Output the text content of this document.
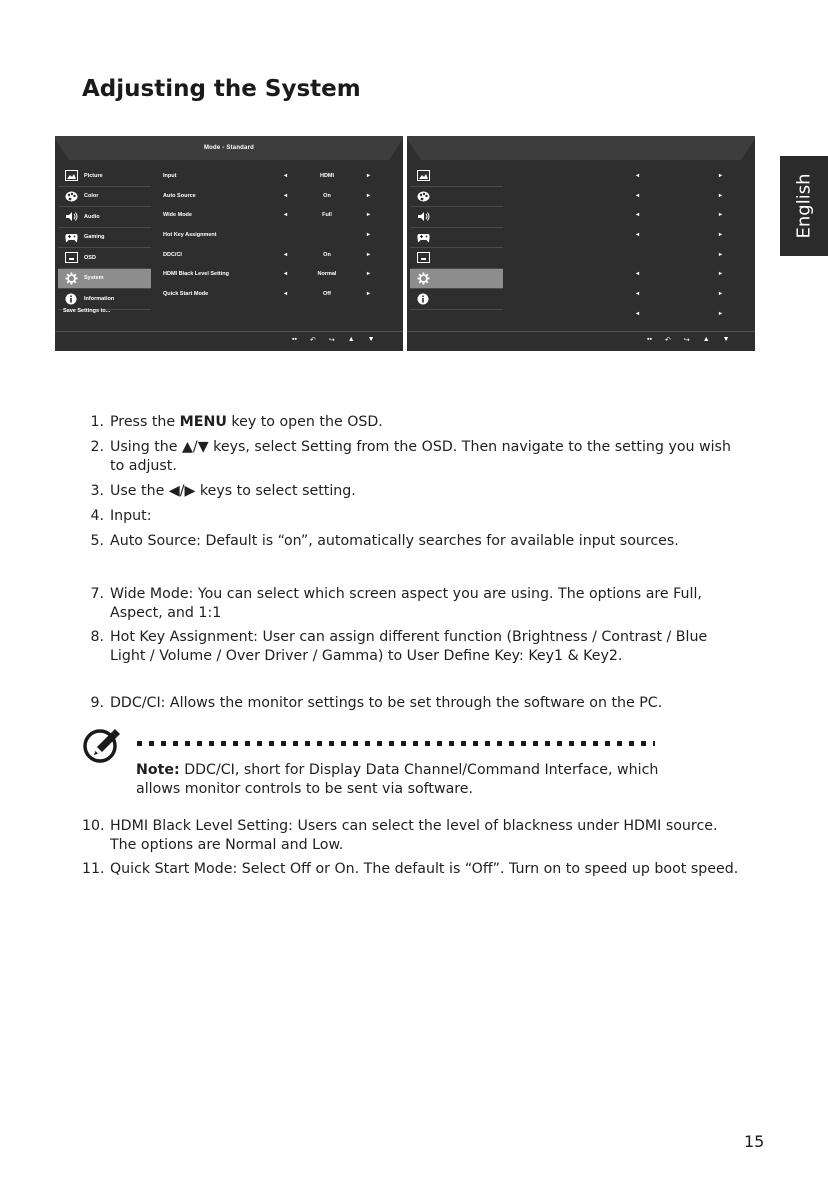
Adjusting the System
English
Mode - Standard
Picture
Color
Audio
Gaming
OSD
System
Information
Save Settings to...
Input	◂	HDMI	▸
Auto Source	◂	On	▸
Wide Mode	◂	Full	▸
Hot Key Assignment	▸
DDC/CI	◂	On	▸
HDMI Black Level Setting	◂	Normal	▸
Quick Start Mode	◂	Off	▸
▪▪ ↶ ↪ ▲ ▼
◂	▸
◂	▸
◂	▸
◂	▸
▸
◂	▸
◂	▸
◂	▸
▪▪ ↶ ↪ ▲ ▼
1. Press the MENU key to open the OSD.
2. Using the ▲/▼ keys, select Setting from the OSD. Then navigate to the setting you wish to adjust.
3. Use the ◀/▶ keys to select setting.
4. Input:
5. Auto Source: Default is “on”, automatically searches for available input sources.
7. Wide Mode: You can select which screen aspect you are using. The options are Full, Aspect, and 1:1
8. Hot Key Assignment: User can assign different function (Brightness / Contrast / Blue Light / Volume / Over Driver / Gamma) to User Define Key: Key1 & Key2.
9. DDC/CI: Allows the monitor settings to be set through the software on the PC.
10. HDMI Black Level Setting: Users can select the level of blackness under HDMI source. The options are Normal and Low.
11. Quick Start Mode: Select Off or On. The default is “Off”. Turn on to speed up boot speed.
Note: DDC/CI, short for Display Data Channel/Command Interface, which allows monitor controls to be sent via software.
15
